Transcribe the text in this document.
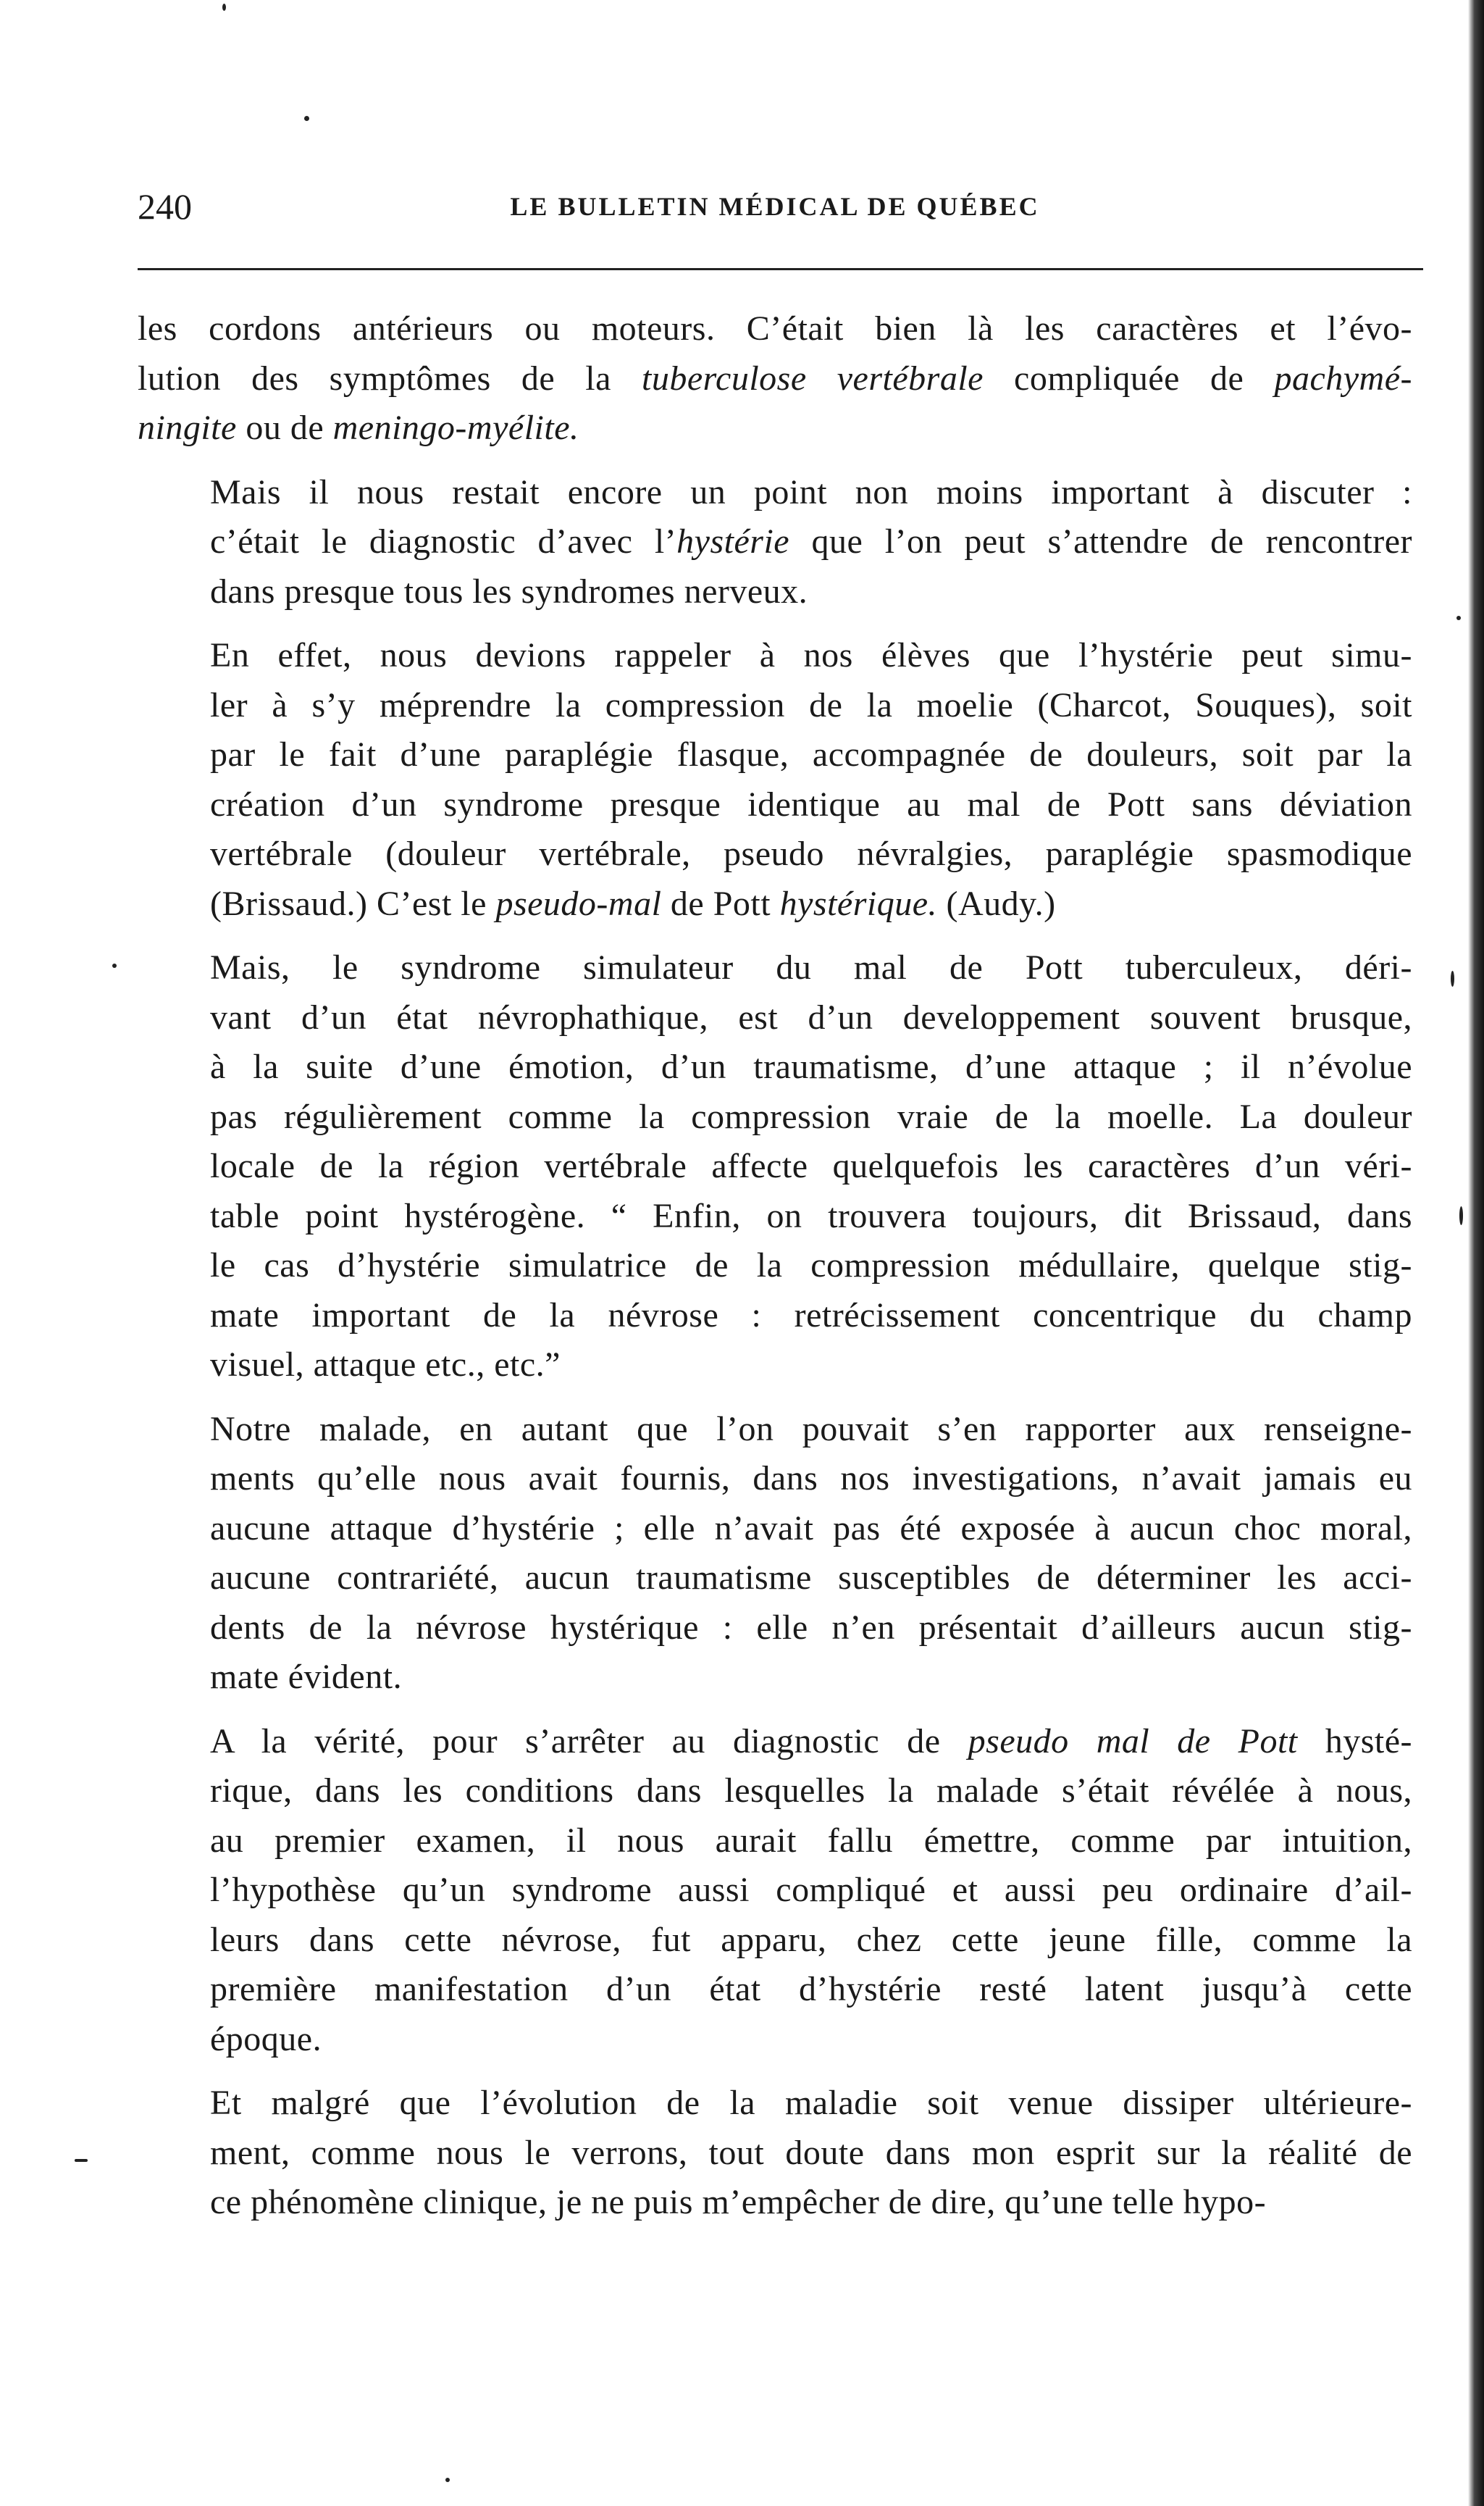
240	LE BULLETIN MÉDICAL DE QUÉBEC

les cordons antérieurs ou moteurs. C’était bien là les caractères et l’évo-
lution des symptômes de la tuberculose vertébrale compliquée de pachymé-
ningite ou de meningo-myélite.

Mais il nous restait encore un point non moins important à discuter :
c’était le diagnostic d’avec l’hystérie que l’on peut s’attendre de rencontrer
dans presque tous les syndromes nerveux.

En effet, nous devions rappeler à nos élèves que l’hystérie peut simu-
ler à s’y méprendre la compression de la moelie (Charcot, Souques), soit
par le fait d’une paraplégie flasque, accompagnée de douleurs, soit par la
création d’un syndrome presque identique au mal de Pott sans déviation
vertébrale (douleur vertébrale, pseudo névralgies, paraplégie spasmodique
(Brissaud.) C’est le pseudo-mal de Pott hystérique. (Audy.)

Mais, le syndrome simulateur du mal de Pott tuberculeux, déri-
vant d’un état névrophathique, est d’un developpement souvent brusque,
à la suite d’une émotion, d’un traumatisme, d’une attaque ; il n’évolue
pas régulièrement comme la compression vraie de la moelle. La douleur
locale de la région vertébrale affecte quelquefois les caractères d’un véri-
table point hystérogène. “ Enfin, on trouvera toujours, dit Brissaud, dans
le cas d’hystérie simulatrice de la compression médullaire, quelque stig-
mate important de la névrose : retrécissement concentrique du champ
visuel, attaque etc., etc.”

Notre malade, en autant que l’on pouvait s’en rapporter aux renseigne-
ments qu’elle nous avait fournis, dans nos investigations, n’avait jamais eu
aucune attaque d’hystérie ; elle n’avait pas été exposée à aucun choc moral,
aucune contrariété, aucun traumatisme susceptibles de déterminer les acci-
dents de la névrose hystérique : elle n’en présentait d’ailleurs aucun stig-
mate évident.

A la vérité, pour s’arrêter au diagnostic de pseudo mal de Pott hysté-
rique, dans les conditions dans lesquelles la malade s’était révélée à nous,
au premier examen, il nous aurait fallu émettre, comme par intuition,
l’hypothèse qu’un syndrome aussi compliqué et aussi peu ordinaire d’ail-
leurs dans cette névrose, fut apparu, chez cette jeune fille, comme la
première manifestation d’un état d’hystérie resté latent jusqu’à cette
époque.

Et malgré que l’évolution de la maladie soit venue dissiper ultérieure-
ment, comme nous le verrons, tout doute dans mon esprit sur la réalité de
ce phénomène clinique, je ne puis m’empêcher de dire, qu’une telle hypo-
